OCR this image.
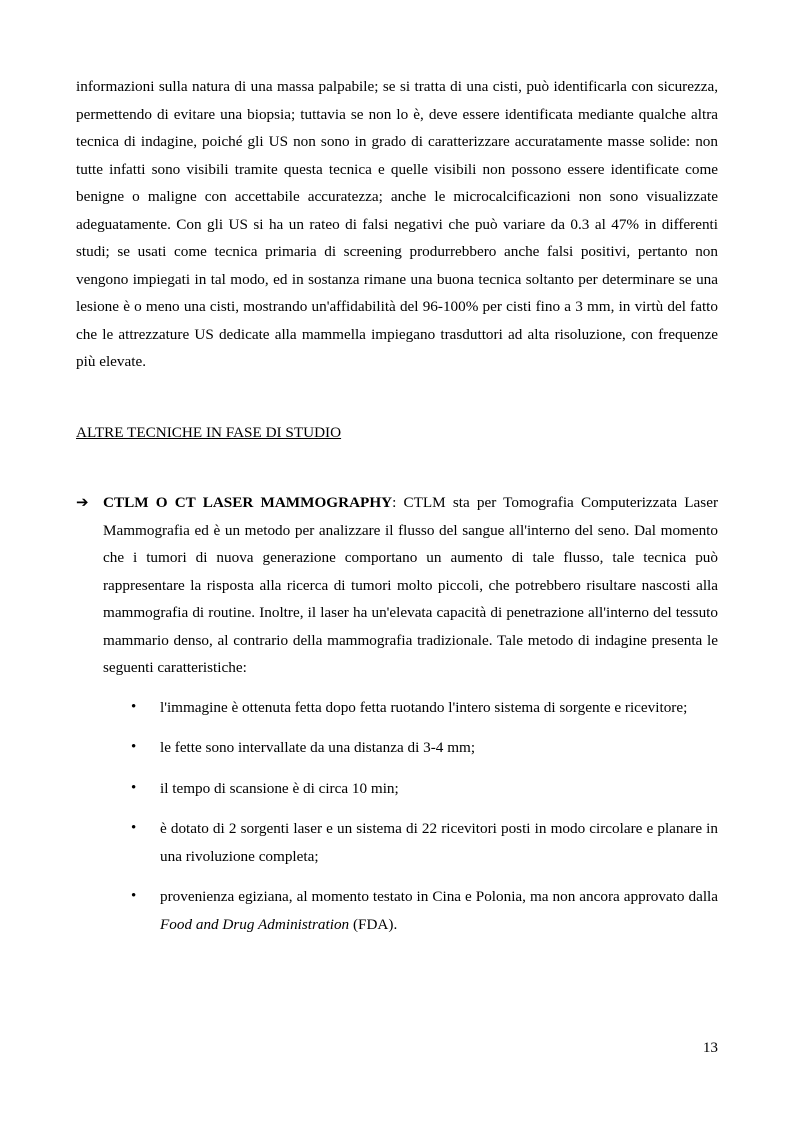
informazioni sulla natura di una massa palpabile; se si tratta di una cisti, può identificarla con sicurezza, permettendo di evitare una biopsia; tuttavia se non lo è, deve essere identificata mediante qualche altra tecnica di indagine, poiché gli US non sono in grado di caratterizzare accuratamente masse solide: non tutte infatti sono visibili tramite questa tecnica e quelle visibili non possono essere identificate come benigne o maligne con accettabile accuratezza; anche le microcalcificazioni non sono visualizzate adeguatamente. Con gli US si ha un rateo di falsi negativi che può variare da 0.3 al 47% in differenti studi; se usati come tecnica primaria di screening produrrebbero anche falsi positivi, pertanto non vengono impiegati in tal modo, ed in sostanza rimane una buona tecnica soltanto per determinare se una lesione è o meno una cisti, mostrando un'affidabilità del 96-100% per cisti fino a 3 mm, in virtù del fatto che le attrezzature US dedicate alla mammella impiegano trasduttori ad alta risoluzione, con frequenze più elevate.

ALTRE TECNICHE IN FASE DI STUDIO
➔ CTLM O CT LASER MAMMOGRAPHY: CTLM sta per Tomografia Computerizzata Laser Mammografia ed è un metodo per analizzare il flusso del sangue all'interno del seno. Dal momento che i tumori di nuova generazione comportano un aumento di tale flusso, tale tecnica può rappresentare la risposta alla ricerca di tumori molto piccoli, che potrebbero risultare nascosti alla mammografia di routine. Inoltre, il laser ha un'elevata capacità di penetrazione all'interno del tessuto mammario denso, al contrario della mammografia tradizionale. Tale metodo di indagine presenta le seguenti caratteristiche:

• l'immagine è ottenuta fetta dopo fetta ruotando l'intero sistema di sorgente e ricevitore;
• le fette sono intervallate da una distanza di 3-4 mm;
• il tempo di scansione è di circa 10 min;
• è dotato di 2 sorgenti laser e un sistema di 22 ricevitori posti in modo circolare e planare in una rivoluzione completa;
• provenienza egiziana, al momento testato in Cina e Polonia, ma non ancora approvato dalla Food and Drug Administration (FDA).
13
